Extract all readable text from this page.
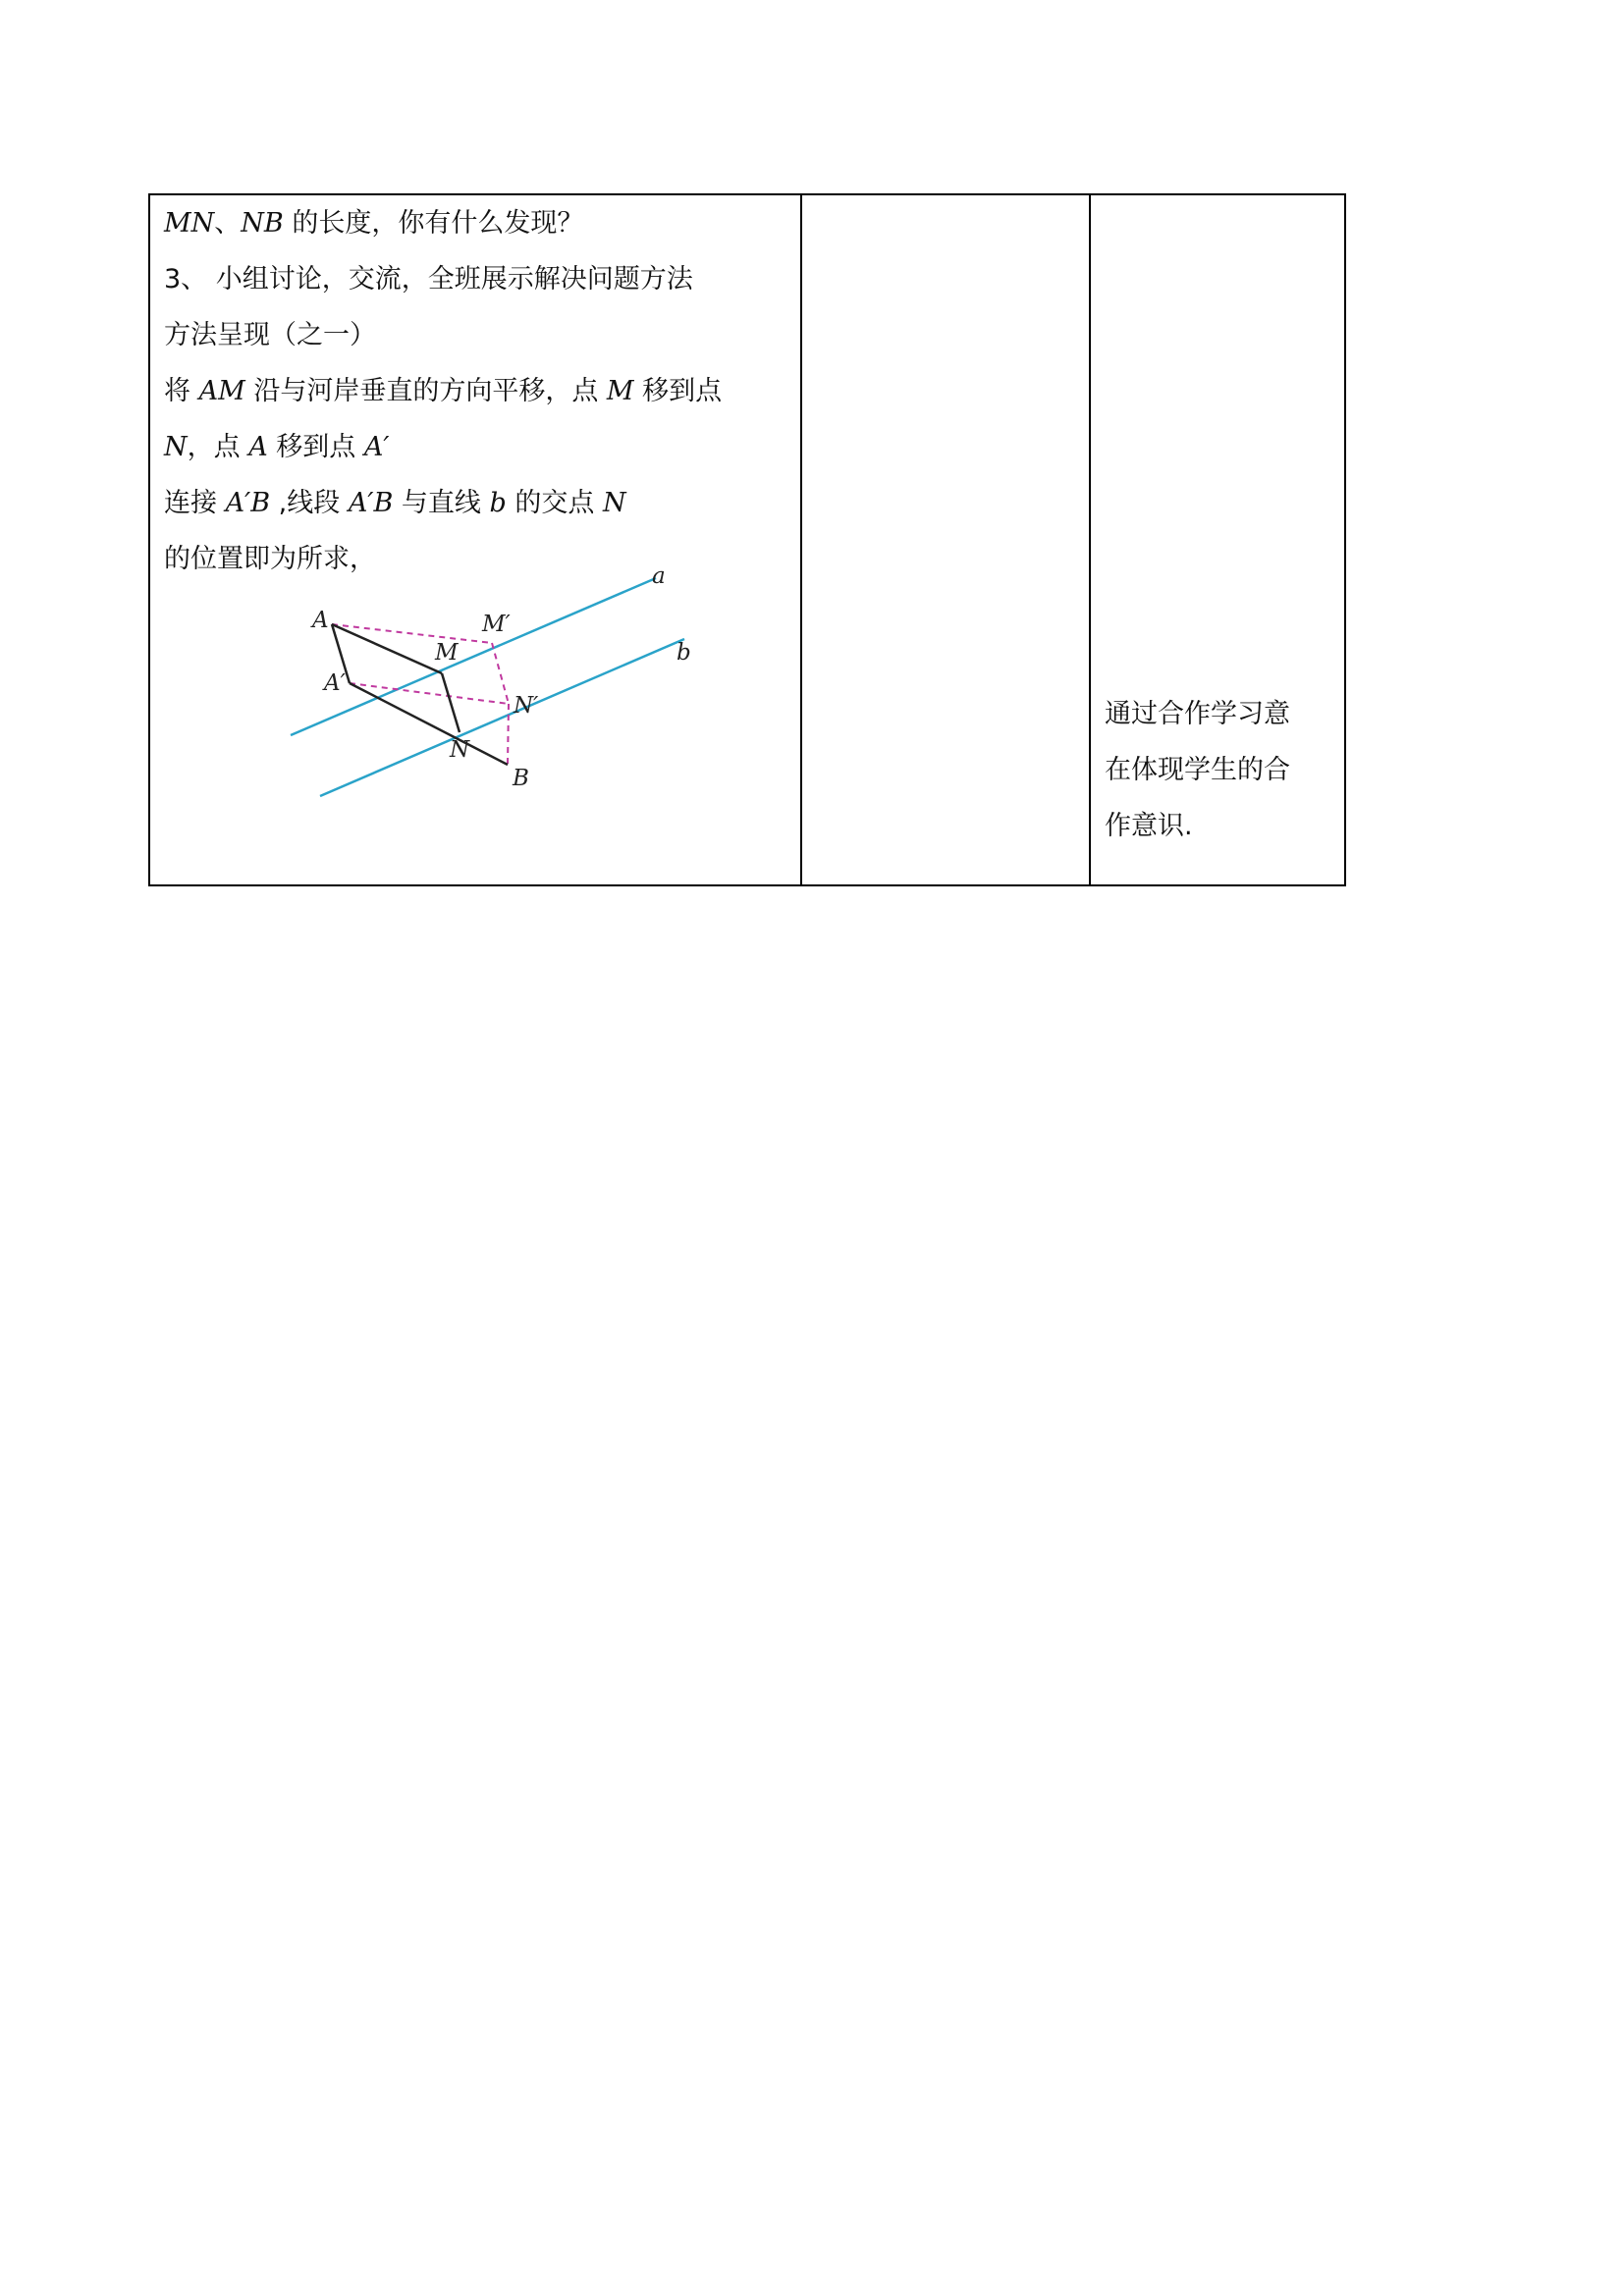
MN、NB 的长度，你有什么发现？
3、 小组讨论，交流，全班展示解决问题方法
方法呈现（之一）
将 AM 沿与河岸垂直的方向平移，点 M 移到点
N，点 A 移到点 A′
连接 A′B ,线段 A′B 与直线 b 的交点 N
的位置即为所求，
A
A′
M
M′
N
N′
B
a
b

通过合作学习意
在体现学生的合
作意识.
